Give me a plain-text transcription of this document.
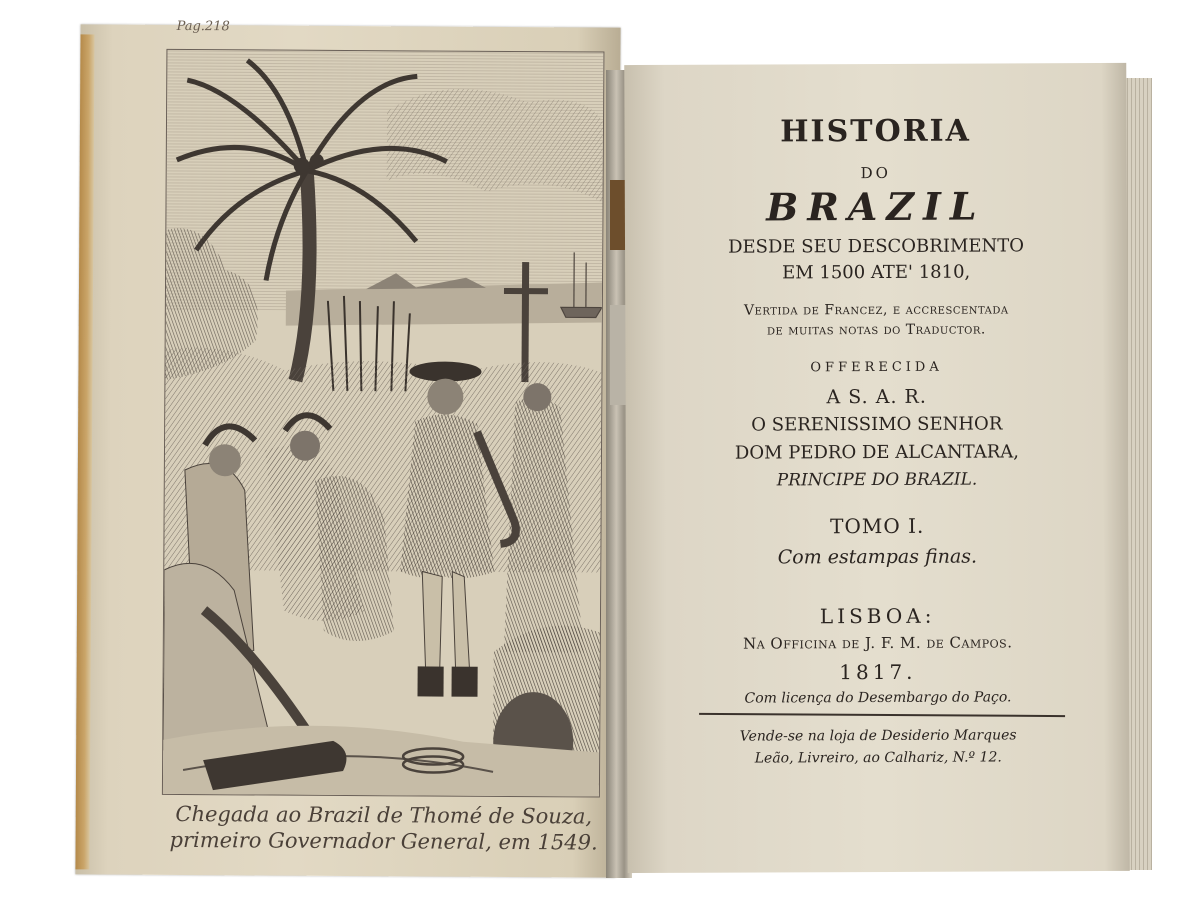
Pag.218
Chegada ao Brazil de Thomé de Souza,
primeiro Governador General, em 1549.
HISTORIA
DO
BRAZIL
DESDE SEU DESCOBRIMENTO
EM 1500 ATE' 1810,
Vertida de Francez, e accrescentada
de muitas notas do Traductor.
OFFERECIDA
A S. A. R.
O SERENISSIMO SENHOR
DOM PEDRO DE ALCANTARA,
PRINCIPE DO BRAZIL.
TOMO I.
Com estampas finas.
LISBOA:
Na Officina de J. F. M. de Campos.
1817.
Com licença do Desembargo do Paço.
Vende-se na loja de Desiderio Marques
Leão, Livreiro, ao Calhariz, N.º 12.
